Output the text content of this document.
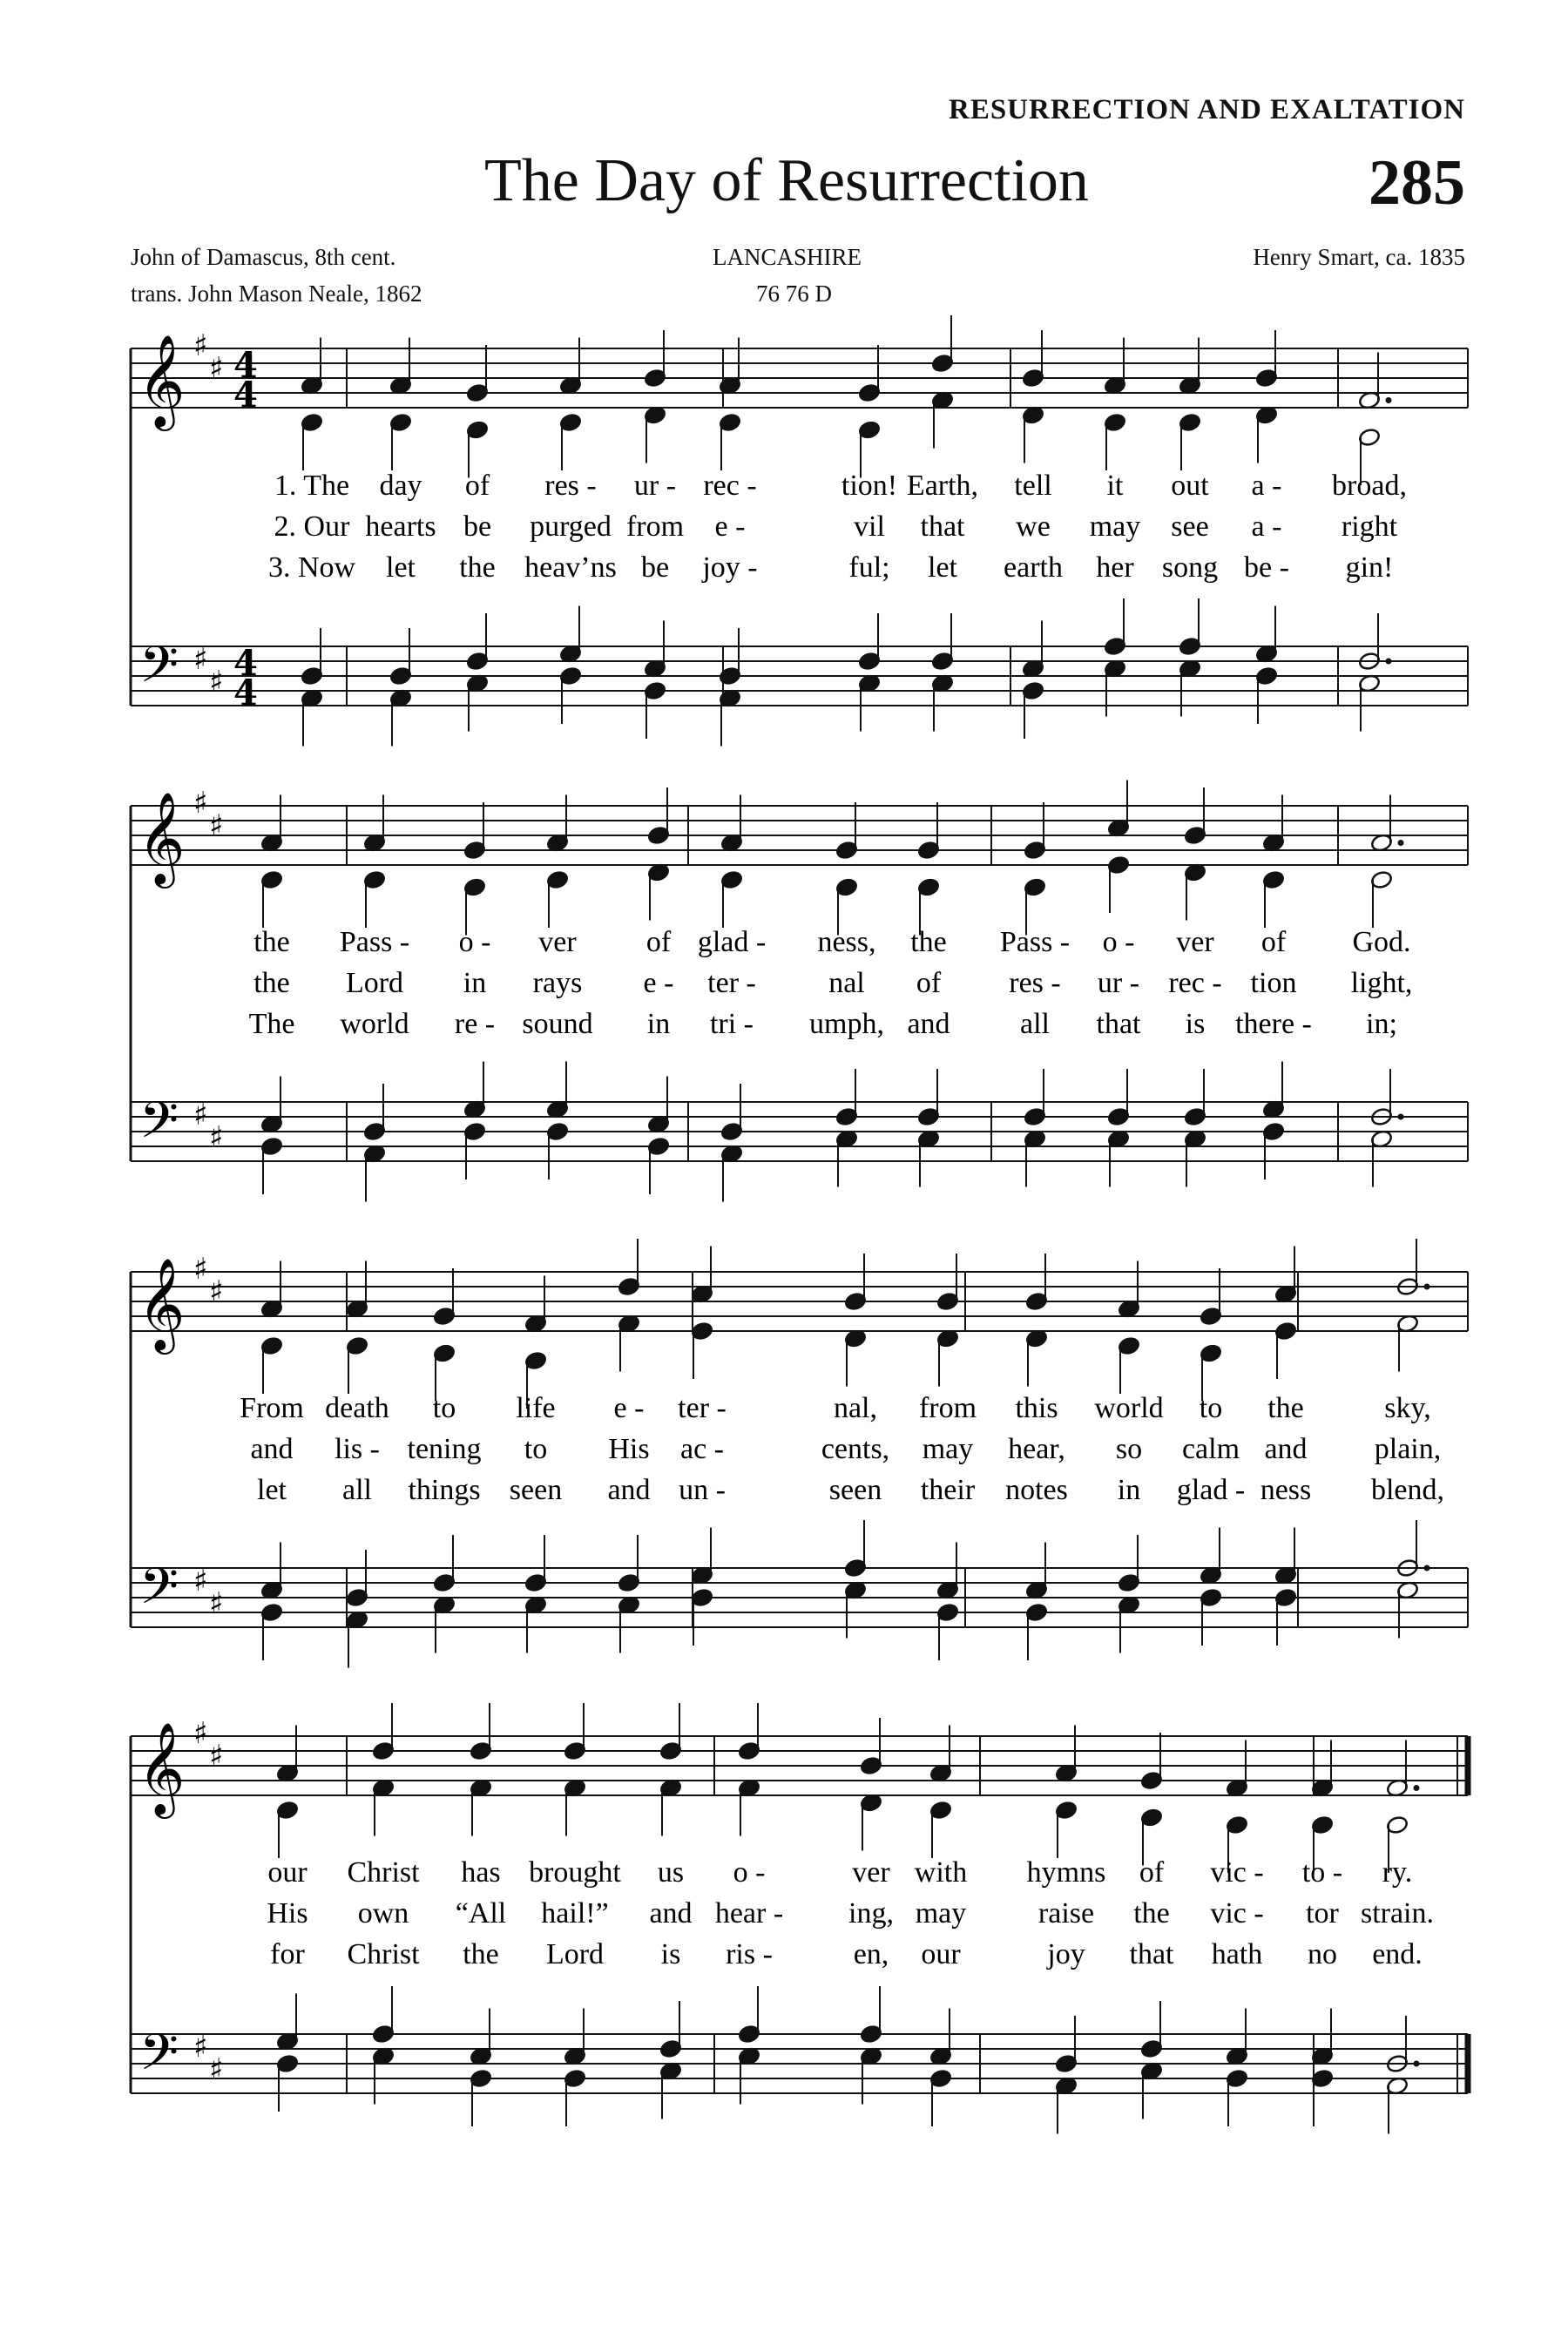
RESURRECTION AND EXALTATION
The Day of Resurrection	285
John of Damascus, 8th cent.
trans. John Mason Neale, 1862
LANCASHIRE
76 76 D
Henry Smart, ca. 1835
𝄞
𝄢
♯
♯
♯
♯
4
4
4
4
1. The day of res - ur - rec -	tion! Earth, tell it out a - broad,
2. Our hearts be purged from e -	vil that we may see a - right
3. Now let the heav’ns be joy -	ful; let earth her song be - gin!
𝄞
𝄢
♯
♯
♯
♯
the Pass - o - ver of glad - ness, the Pass - o - ver of God.
the Lord in rays e - ter - nal of res - ur - rec - tion light,
The world re - sound in tri - umph, and all that is there - in;
𝄞
𝄢
♯
♯
♯
♯
From death to life e - ter -	nal, from this world to the	sky,
and lis - tening to His ac -	cents, may hear, so calm and plain,
let all things seen and un -	seen their notes in glad - ness blend,
𝄞
𝄢
♯
♯
♯
♯
our Christ has brought us o -	ver with hymns of vic - to - ry.
His own “All hail!” and hear - ing, may raise the vic - tor strain.
for Christ the Lord is ris -	en, our	joy that hath no end.
